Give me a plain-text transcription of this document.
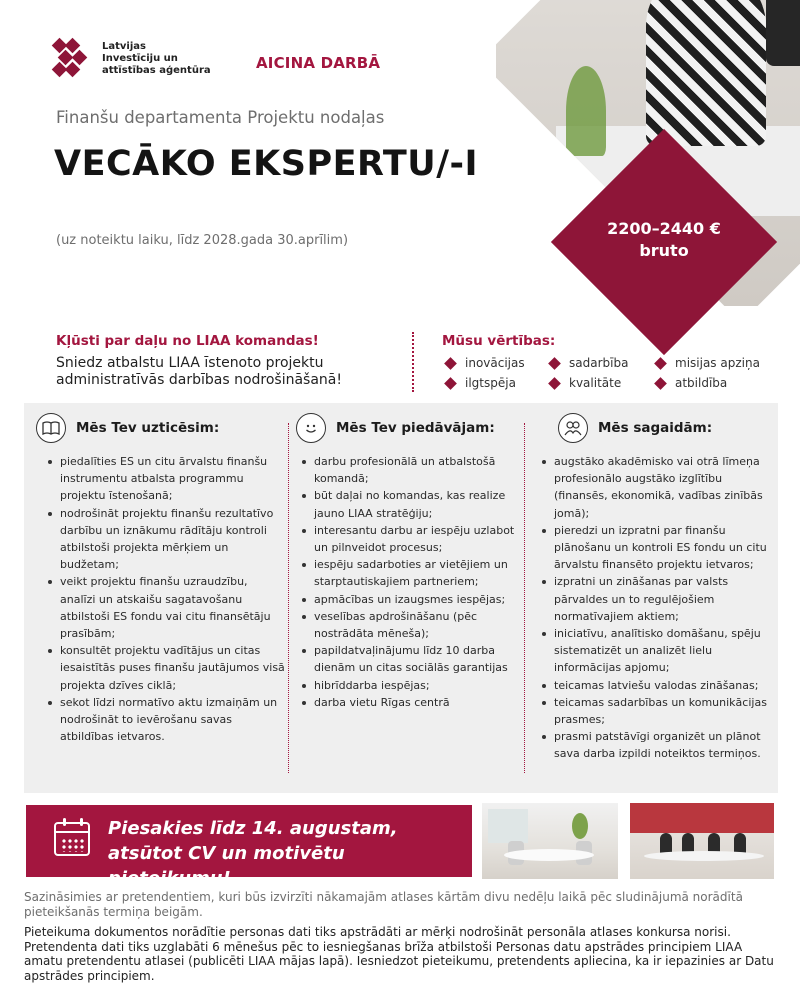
Latvijas
Investīciju un
attīstības aģentūra	AICINA DARBĀ
Finanšu departamenta Projektu nodaļas
VECĀKO EKSPERTU/-I
(uz noteiktu laiku, līdz 2028.gada 30.aprīlim)
2200–2440 €
bruto
Kļūsti par daļu no LIAA komandas!
Sniedz atbalstu LIAA īstenoto projektu administratīvās darbības nodrošināšanā!
Mūsu vērtības:
inovācijas	sadarbība	misijas apziņa
ilgtspēja	kvalitāte	atbildība
Mēs Tev uzticēsim:
piedalīties ES un citu ārvalstu finanšu instrumentu atbalsta programmu projektu īstenošanā;
nodrošināt projektu finanšu rezultatīvo darbību un iznākumu rādītāju kontroli atbilstoši projekta mērķiem un budžetam;
veikt projektu finanšu uzraudzību, analīzi un atskaišu sagatavošanu atbilstoši ES fondu vai citu finansētāju prasībām;
konsultēt projektu vadītājus un citas iesaistītās puses finanšu jautājumos visā projekta dzīves ciklā;
sekot līdzi normatīvo aktu izmaiņām un nodrošināt to ievērošanu savas atbildības ietvaros.
Mēs Tev piedāvājam:
darbu profesionālā un atbalstošā komandā;
būt daļai no komandas, kas realize jauno LIAA stratēģiju;
interesantu darbu ar iespēju uzlabot un pilnveidot procesus;
iespēju sadarboties ar vietējiem un starptautiskajiem partneriem;
apmācības un izaugsmes iespējas;
veselības apdrošināšanu (pēc nostrādāta mēneša);
papildatvaļinājumu līdz 10 darba dienām un citas sociālās garantijas
hibrīddarba iespējas;
darba vietu Rīgas centrā
Mēs sagaidām:
augstāko akadēmisko vai otrā līmeņa profesionālo augstāko izglītību (finansēs, ekonomikā, vadības zinībās jomā);
pieredzi un izpratni par finanšu plānošanu un kontroli ES fondu un citu ārvalstu finansēto projektu ietvaros;
izpratni un zināšanas par valsts pārvaldes un to regulējošiem normatīvajiem aktiem;
iniciatīvu, analītisko domāšanu, spēju sistematizēt un analizēt lielu informācijas apjomu;
teicamas latviešu valodas zināšanas;
teicamas sadarbības un komunikācijas prasmes;
prasmi patstāvīgi organizēt un plānot sava darba izpildi noteiktos termiņos.
Piesakies līdz 14. augustam, atsūtot CV un motivētu pieteikumu!
Sazināsimies ar pretendentiem, kuri būs izvirzīti nākamajām atlases kārtām divu nedēļu laikā pēc sludinājumā norādītā pieteikšanās termiņa beigām.
Pieteikuma dokumentos norādītie personas dati tiks apstrādāti ar mērķi nodrošināt personāla atlases konkursa norisi. Pretendenta dati tiks uzglabāti 6 mēnešus pēc to iesniegšanas brīža atbilstoši Personas datu apstrādes principiem LIAA amatu pretendentu atlasei (publicēti LIAA mājas lapā). Iesniedzot pieteikumu, pretendents apliecina, ka ir iepazinies ar Datu apstrādes principiem.
